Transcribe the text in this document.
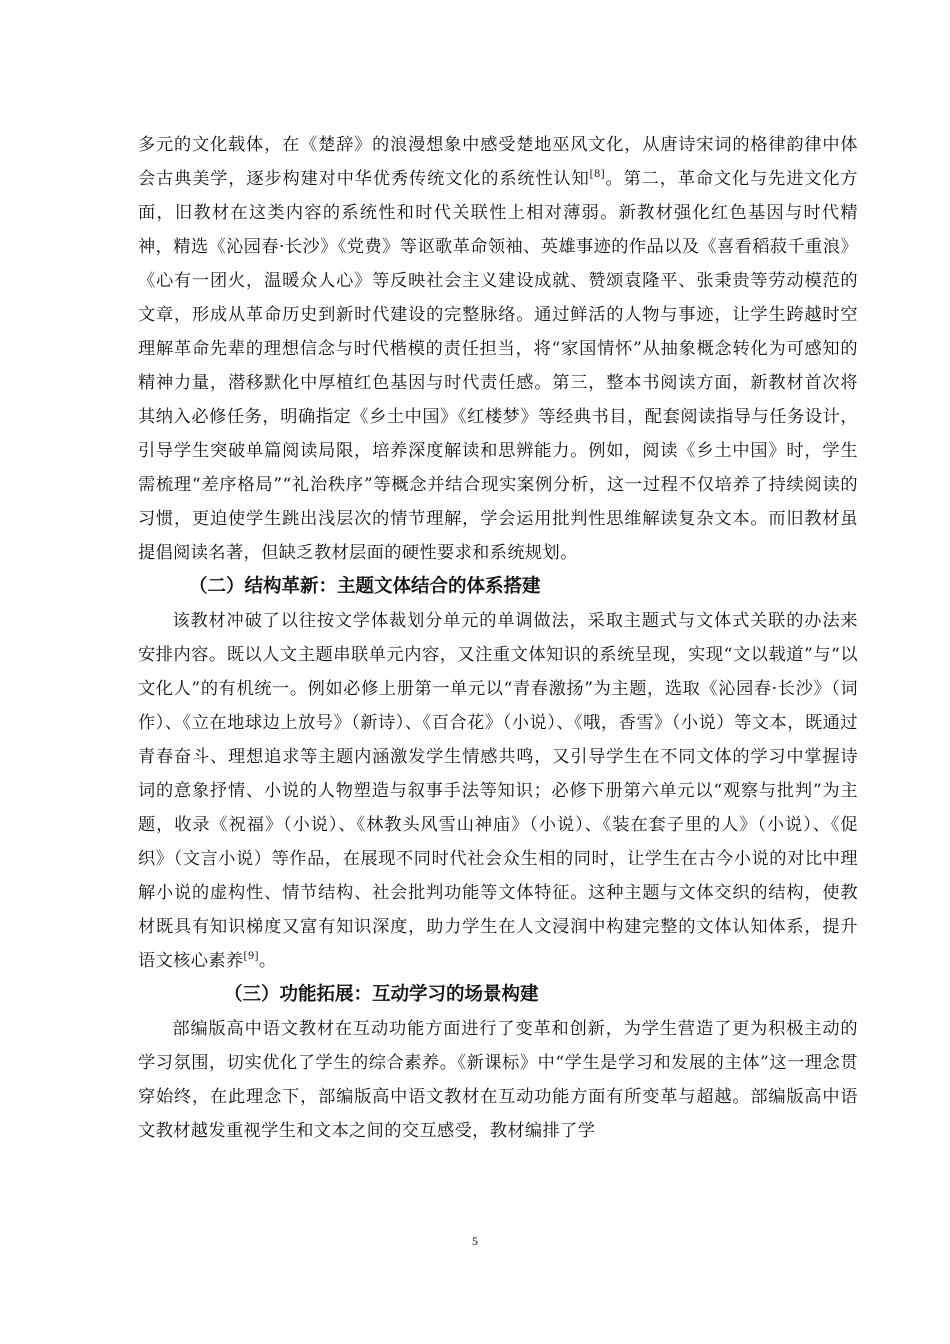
多元的文化载体，在《楚辞》的浪漫想象中感受楚地巫风文化，从唐诗宋词的格律韵律中体会古典美学，逐步构建对中华优秀传统文化的系统性认知[8]。第二，革命文化与先进文化方面，旧教材在这类内容的系统性和时代关联性上相对薄弱。新教材强化红色基因与时代精神，精选《沁园春·长沙》《党费》等讴歌革命领袖、英雄事迹的作品以及《喜看稻菽千重浪》《心有一团火，温暖众人心》等反映社会主义建设成就、赞颂袁隆平、张秉贵等劳动模范的文章，形成从革命历史到新时代建设的完整脉络。通过鲜活的人物与事迹，让学生跨越时空理解革命先辈的理想信念与时代楷模的责任担当，将“家国情怀”从抽象概念转化为可感知的精神力量，潜移默化中厚植红色基因与时代责任感。第三，整本书阅读方面，新教材首次将其纳入必修任务，明确指定《乡土中国》《红楼梦》等经典书目，配套阅读指导与任务设计，引导学生突破单篇阅读局限，培养深度解读和思辨能力。例如，阅读《乡土中国》时，学生需梳理“差序格局”“礼治秩序”等概念并结合现实案例分析，这一过程不仅培养了持续阅读的习惯，更迫使学生跳出浅层次的情节理解，学会运用批判性思维解读复杂文本。而旧教材虽提倡阅读名著，但缺乏教材层面的硬性要求和系统规划。

（二）结构革新：主题文体结合的体系搭建

该教材冲破了以往按文学体裁划分单元的单调做法，采取主题式与文体式关联的办法来安排内容。既以人文主题串联单元内容，又注重文体知识的系统呈现，实现“文以载道”与“以文化人”的有机统一。例如必修上册第一单元以“青春激扬”为主题，选取《沁园春·长沙》（词作）、《立在地球边上放号》（新诗）、《百合花》（小说）、《哦，香雪》（小说）等文本，既通过青春奋斗、理想追求等主题内涵激发学生情感共鸣，又引导学生在不同文体的学习中掌握诗词的意象抒情、小说的人物塑造与叙事手法等知识；必修下册第六单元以“观察与批判”为主题，收录《祝福》（小说）、《林教头风雪山神庙》（小说）、《装在套子里的人》（小说）、《促织》（文言小说）等作品，在展现不同时代社会众生相的同时，让学生在古今小说的对比中理解小说的虚构性、情节结构、社会批判功能等文体特征。这种主题与文体交织的结构，使教材既具有知识梯度又富有知识深度，助力学生在人文浸润中构建完整的文体认知体系，提升语文核心素养[9]。

（三）功能拓展：互动学习的场景构建

部编版高中语文教材在互动功能方面进行了变革和创新，为学生营造了更为积极主动的学习氛围，切实优化了学生的综合素养。《新课标》中“学生是学习和发展的主体”这一理念贯穿始终，在此理念下，部编版高中语文教材在互动功能方面有所变革与超越。部编版高中语文教材越发重视学生和文本之间的交互感受，教材编排了学

5
